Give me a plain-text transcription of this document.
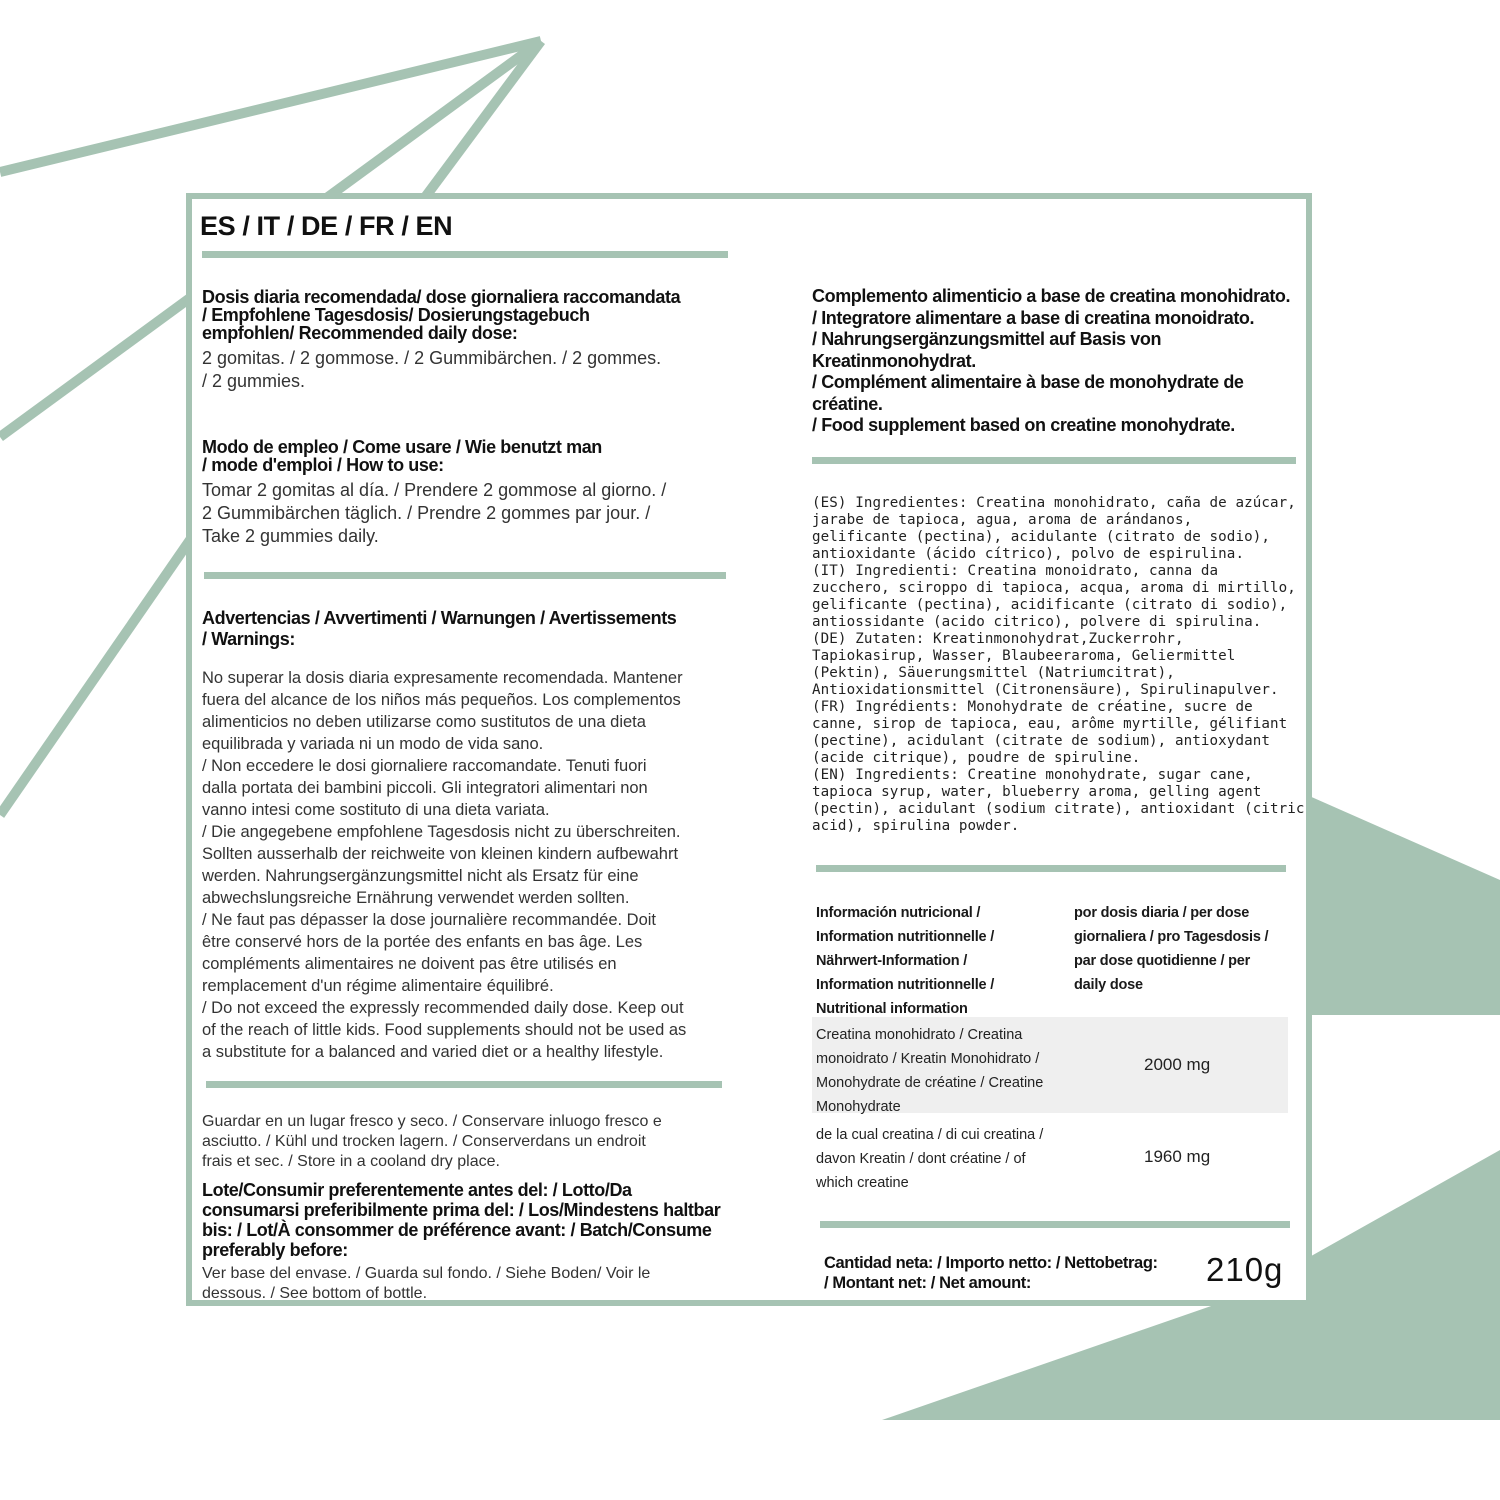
ES / IT / DE / FR / EN
Dosis diaria recomendada/ dose giornaliera raccomandata
/ Empfohlene Tagesdosis/ Dosierungstagebuch
empfohlen/ Recommended daily dose:
2 gomitas. / 2 gommose. / 2 Gummibärchen. / 2 gommes.
/ 2 gummies.
Modo de empleo / Come usare / Wie benutzt man
/ mode d'emploi / How to use:
Tomar 2 gomitas al día. / Prendere 2 gommose al giorno. /
2 Gummibärchen täglich. / Prendre 2 gommes par jour. /
Take 2 gummies daily.
Advertencias / Avvertimenti / Warnungen / Avertissements
/ Warnings:
No superar la dosis diaria expresamente recomendada. Mantener
fuera del alcance de los niños más pequeños. Los complementos
alimenticios no deben utilizarse como sustitutos de una dieta
equilibrada y variada ni un modo de vida sano.
/ Non eccedere le dosi giornaliere raccomandate. Tenuti fuori
dalla portata dei bambini piccoli. Gli integratori alimentari non
vanno intesi come sostituto di una dieta variata.
/ Die angegebene empfohlene Tagesdosis nicht zu überschreiten.
Sollten ausserhalb der reichweite von kleinen kindern aufbewahrt
werden. Nahrungsergänzungsmittel nicht als Ersatz für eine
abwechslungsreiche Ernährung verwendet werden sollten.
/ Ne faut pas dépasser la dose journalière recommandée. Doit
être conservé hors de la portée des enfants en bas âge. Les
compléments alimentaires ne doivent pas être utilisés en
remplacement d'un régime alimentaire équilibré.
/ Do not exceed the expressly recommended daily dose. Keep out
of the reach of little kids. Food supplements should not be used as
a substitute for a balanced and varied diet or a healthy lifestyle.
Guardar en un lugar fresco y seco. / Conservare inluogo fresco e
asciutto. / Kühl und trocken lagern. / Conserverdans un endroit
frais et sec. / Store in a cooland dry place.
Lote/Consumir preferentemente antes del: / Lotto/Da
consumarsi preferibilmente prima del: / Los/Mindestens haltbar
bis: / Lot/À consommer de préférence avant: / Batch/Consume
preferably before:
Ver base del envase. / Guarda sul fondo. / Siehe Boden/ Voir le
dessous. / See bottom of bottle.
Complemento alimenticio a base de creatina monohidrato.
/ Integratore alimentare a base di creatina monoidrato.
/ Nahrungsergänzungsmittel auf Basis von
Kreatinmonohydrat.
/ Complément alimentaire à base de monohydrate de
créatine.
/ Food supplement based on creatine monohydrate.
(ES) Ingredientes: Creatina monohidrato, caña de azúcar,
jarabe de tapioca, agua, aroma de arándanos,
gelificante (pectina), acidulante (citrato de sodio),
antioxidante (ácido cítrico), polvo de espirulina.
(IT) Ingredienti: Creatina monoidrato, canna da
zucchero, sciroppo di tapioca, acqua, aroma di mirtillo,
gelificante (pectina), acidificante (citrato di sodio),
antiossidante (acido citrico), polvere di spirulina.
(DE) Zutaten: Kreatinmonohydrat,Zuckerrohr,
Tapiokasirup, Wasser, Blaubeeraroma, Geliermittel
(Pektin), Säuerungsmittel (Natriumcitrat),
Antioxidationsmittel (Citronensäure), Spirulinapulver.
(FR) Ingrédients: Monohydrate de créatine, sucre de
canne, sirop de tapioca, eau, arôme myrtille, gélifiant
(pectine), acidulant (citrate de sodium), antioxydant
(acide citrique), poudre de spiruline.
(EN) Ingredients: Creatine monohydrate, sugar cane,
tapioca syrup, water, blueberry aroma, gelling agent
(pectin), acidulant (sodium citrate), antioxidant (citric
acid), spirulina powder.
Información nutricional /
Information nutritionnelle /
Nährwert-Information /
Information nutritionnelle /
Nutritional information
por dosis diaria / per dose
giornaliera / pro Tagesdosis /
par dose quotidienne / per
daily dose
Creatina monohidrato / Creatina
monoidrato / Kreatin Monohidrato /
Monohydrate de créatine / Creatine
Monohydrate
2000 mg
de la cual creatina / di cui creatina /
davon Kreatin / dont créatine / of
which creatine
1960 mg
Cantidad neta: / Importo netto: / Nettobetrag:
/ Montant net: / Net amount:	210g
